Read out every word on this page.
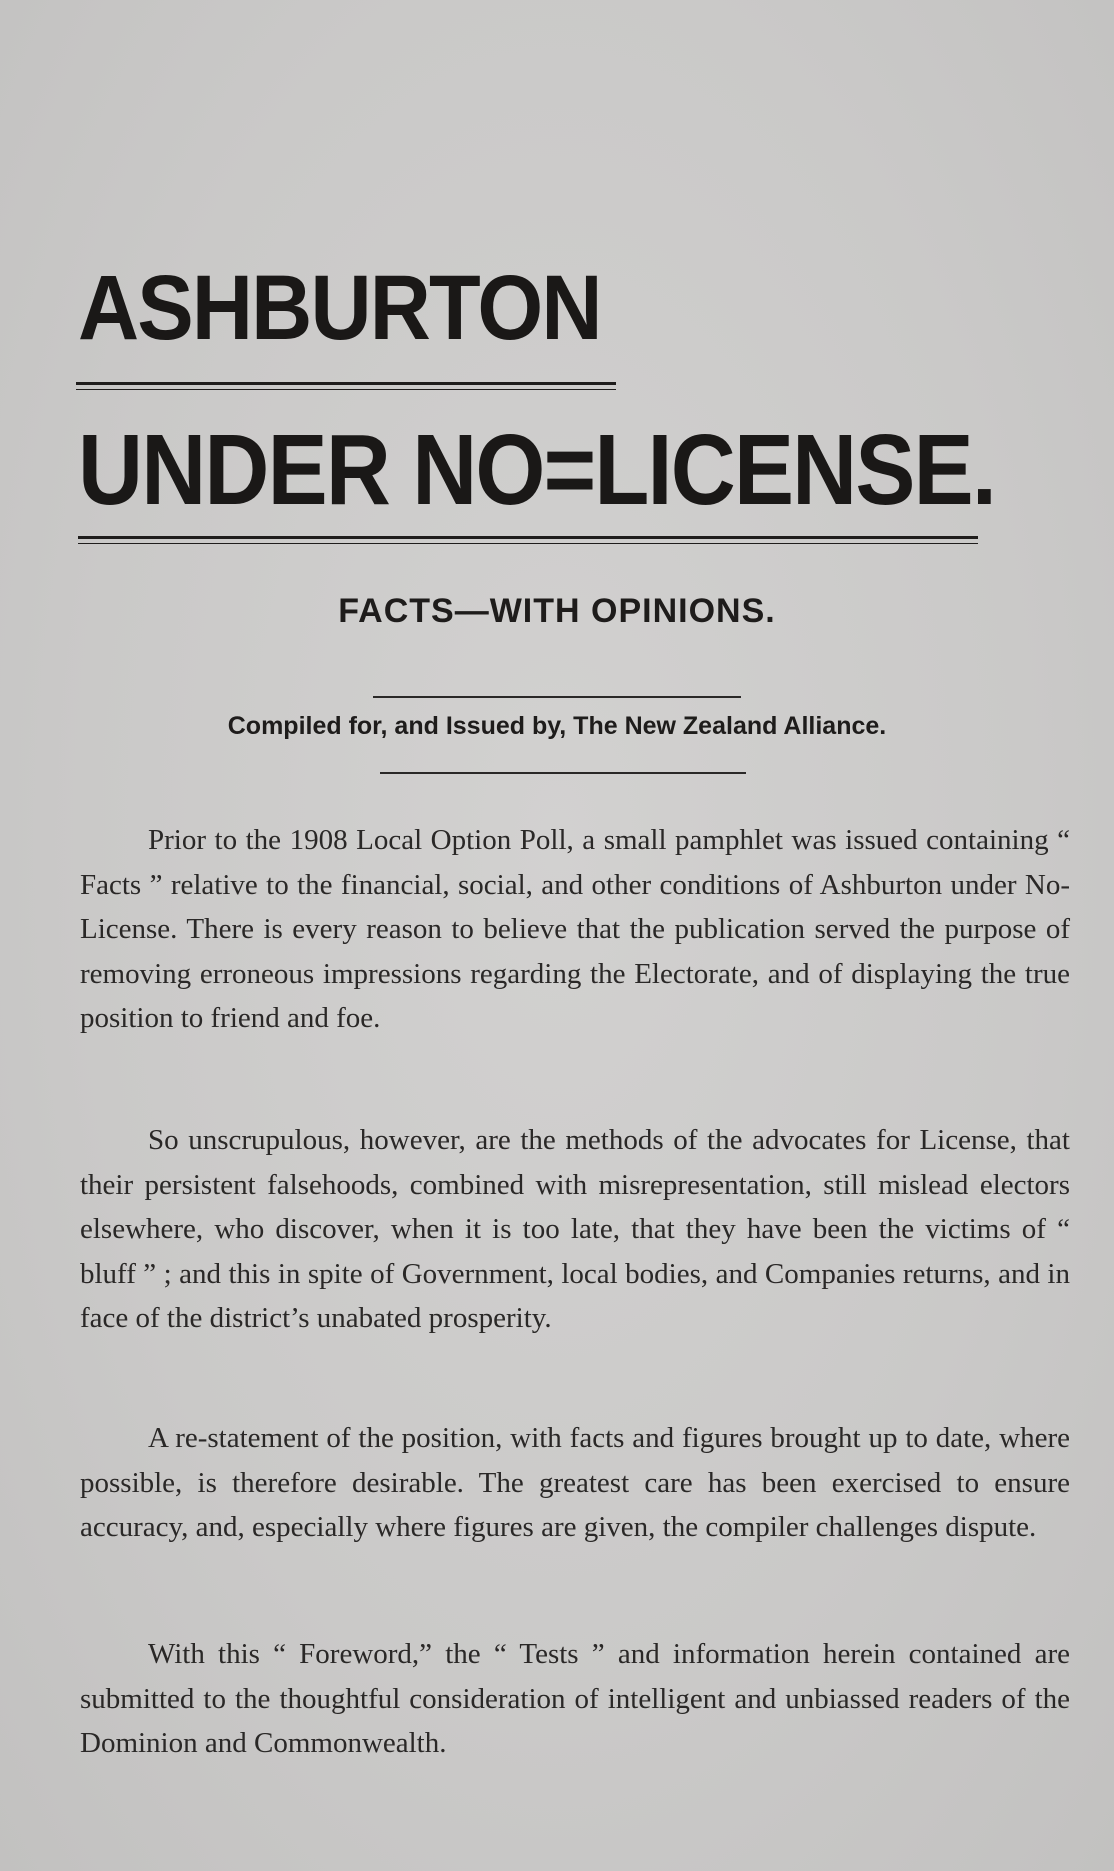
ASHBURTON
UNDER NO=LICENSE.
FACTS—WITH OPINIONS.
Compiled for, and Issued by, The New Zealand Alliance.

Prior to the 1908 Local Option Poll, a small pamphlet was issued containing “ Facts ” relative to the financial, social, and other conditions of Ashburton under No-License. There is every reason to believe that the publication served the purpose of removing erroneous impressions regarding the Electorate, and of displaying the true position to friend and foe.

So unscrupulous, however, are the methods of the advocates for License, that their persistent falsehoods, combined with misrepresentation, still mislead electors elsewhere, who discover, when it is too late, that they have been the victims of “ bluff ” ; and this in spite of Government, local bodies, and Companies returns, and in face of the district’s unabated prosperity.

A re-statement of the position, with facts and figures brought up to date, where possible, is therefore desirable. The greatest care has been exercised to ensure accuracy, and, especially where figures are given, the compiler challenges dispute.

With this “ Foreword,” the “ Tests ” and information herein contained are submitted to the thoughtful consideration of intelligent and unbiassed readers of the Dominion and Commonwealth.
